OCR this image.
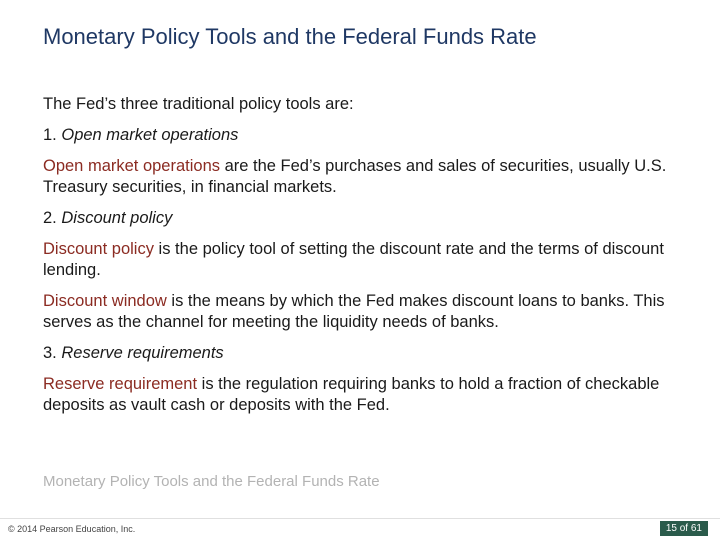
Monetary Policy Tools and the Federal Funds Rate

The Fed’s three traditional policy tools are:

1. Open market operations

Open market operations are the Fed’s purchases and sales of securities, usually U.S. Treasury securities, in financial markets.

2. Discount policy

Discount policy is the policy tool of setting the discount rate and the terms of discount lending.

Discount window is the means by which the Fed makes discount loans to banks. This serves as the channel for meeting the liquidity needs of banks.

3. Reserve requirements

Reserve requirement is the regulation requiring banks to hold a fraction of checkable deposits as vault cash or deposits with the Fed.

Monetary Policy Tools and the Federal Funds Rate
© 2014 Pearson Education, Inc.	15 of 61
